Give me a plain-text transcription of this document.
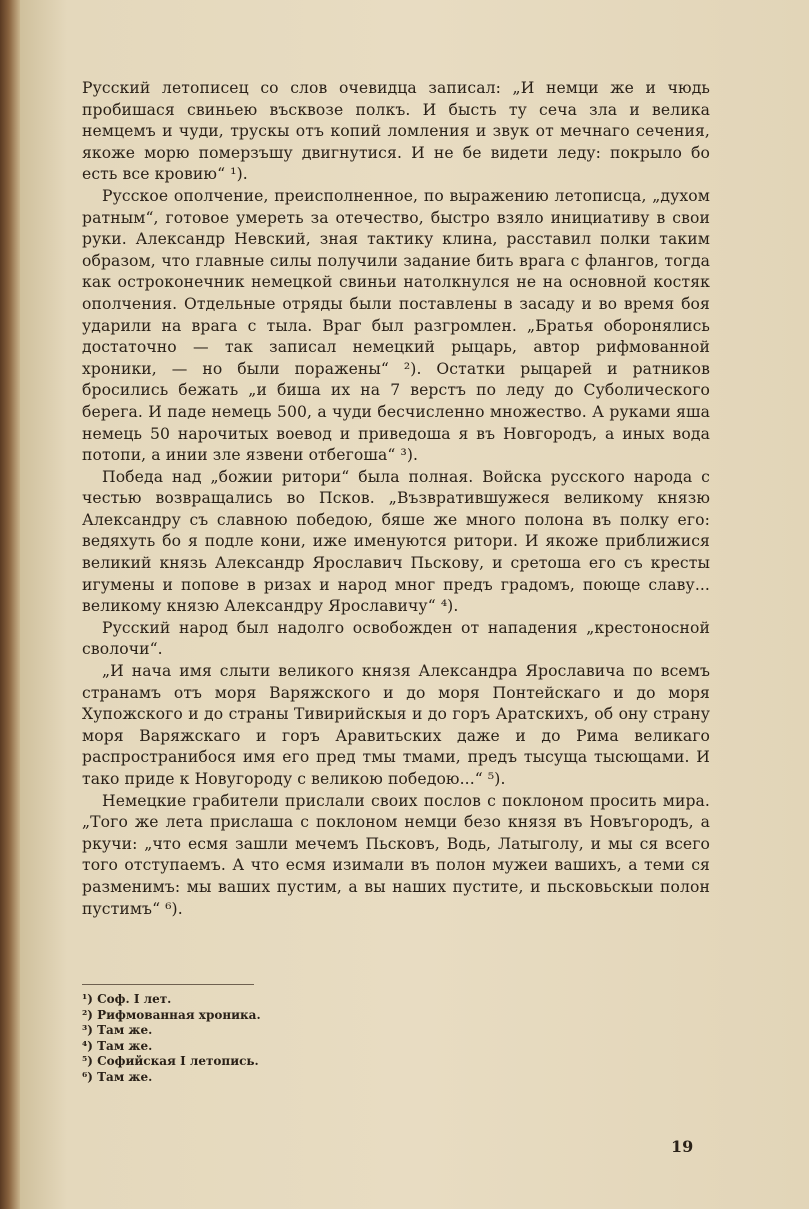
Русский летописец со слов очевидца записал: „И немци же и чюдь пробишася свиньею въсквозе полкъ. И бысть ту сеча зла и велика немцемъ и чуди, трускы отъ копий ломления и звук от мечнаго сечения, якоже морю померзъшу двигнутися. И не бе видети леду: покрыло бо есть все кровию“ ¹).

Русское ополчение, преисполненное, по выражению летописца, „духом ратным“, готовое умереть за отечество, быстро взяло инициативу в свои руки. Александр Невский, зная тактику клина, расставил полки таким образом, что главные силы получили задание бить врага с флангов, тогда как остроконечник немецкой свиньи натолкнулся не на основной костяк ополчения. Отдельные отряды были поставлены в засаду и во время боя ударили на врага с тыла. Враг был разгромлен. „Братья оборонялись достаточно — так записал немецкий рыцарь, автор рифмованной хроники, — но были поражены“ ²). Остатки рыцарей и ратников бросились бежать „и биша их на 7 верстъ по леду до Суболического берега. И паде немець 500, а чуди бесчисленно множество. А руками яша немець 50 нарочитых воевод и приведоша я въ Новгородъ, а иных вода потопи, а инии зле язвени отбегоша“ ³).

Победа над „божии ритори“ была полная. Войска русского народа с честью возвращались во Псков. „Възвратившужеся великому князю Александру съ славною победою, бяше же много полона въ полку его: ведяхуть бо я подле кони, иже именуются ритори. И якоже приближися великий князь Александр Ярославич Пьскову, и сретоша его съ кресты игумены и попове в ризах и народ мног предъ градомъ, поюще славу... великому князю Александру Ярославичу“ ⁴).

Русский народ был надолго освобожден от нападения „крестоносной сволочи“.

„И нача имя слыти великого князя Александра Ярославича по всемъ странамъ отъ моря Варяжского и до моря Понтейскаго и до моря Хупожского и до страны Тивирийскыя и до горъ Аратскихъ, об ону страну моря Варяжскаго и горъ Аравитьских даже и до Рима великаго распространибося имя его пред тмы тмами, предъ тысуща тысющами. И тако приде к Новугороду с великою победою...“ ⁵).

Немецкие грабители прислали своих послов с поклоном просить мира. „Того же лета прислаша с поклоном немци безо князя въ Новъгородъ, а ркучи: „что есмя зашли мечемъ Пьсковъ, Водь, Латыголу, и мы ся всего того отступаемъ. А что есмя изимали въ полон мужеи вашихъ, а теми ся разменимъ: мы ваших пустим, а вы наших пустите, и пьсковьскыи полон пустимъ“ ⁶).

¹) Соф. I лет.
²) Рифмованная хроника.
³) Там же.
⁴) Там же.
⁵) Софийская I летопись.
⁶) Там же.
19
